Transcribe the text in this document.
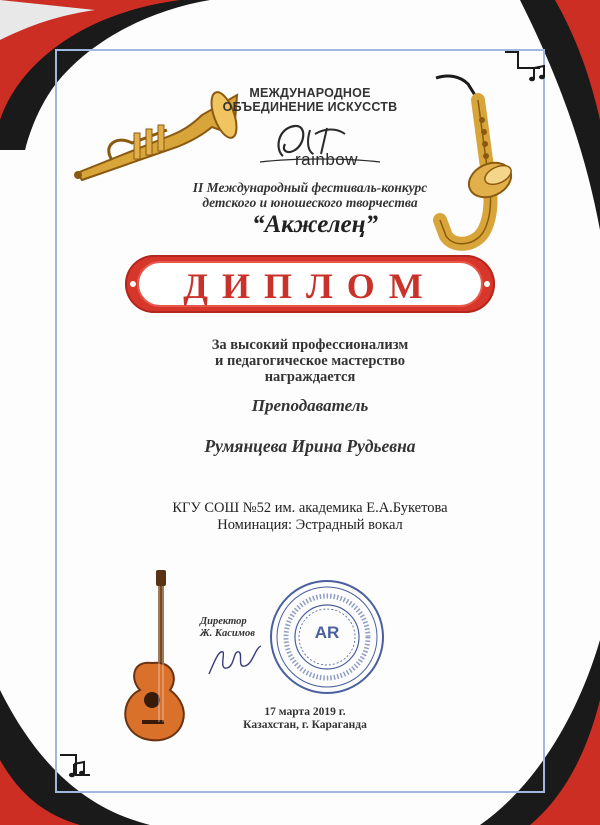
МЕЖДУНАРОДНОЕ
ОБЪЕДИНЕНИЕ ИСКУССТВ
rainbow
II Международный фестиваль-конкурс
детского и юношеского творчества
“Акжелең”
ДИПЛОМ
За высокий профессионализм
и педагогическое мастерство
награждается
Преподаватель
Румянцева Ирина Рудьевна
КГУ СОШ №52 им. академика Е.А.Букетова
Номинация: Эстрадный вокал
Директор
Ж. Касимов	AR
17 марта 2019 г.
Казахстан, г. Караганда
